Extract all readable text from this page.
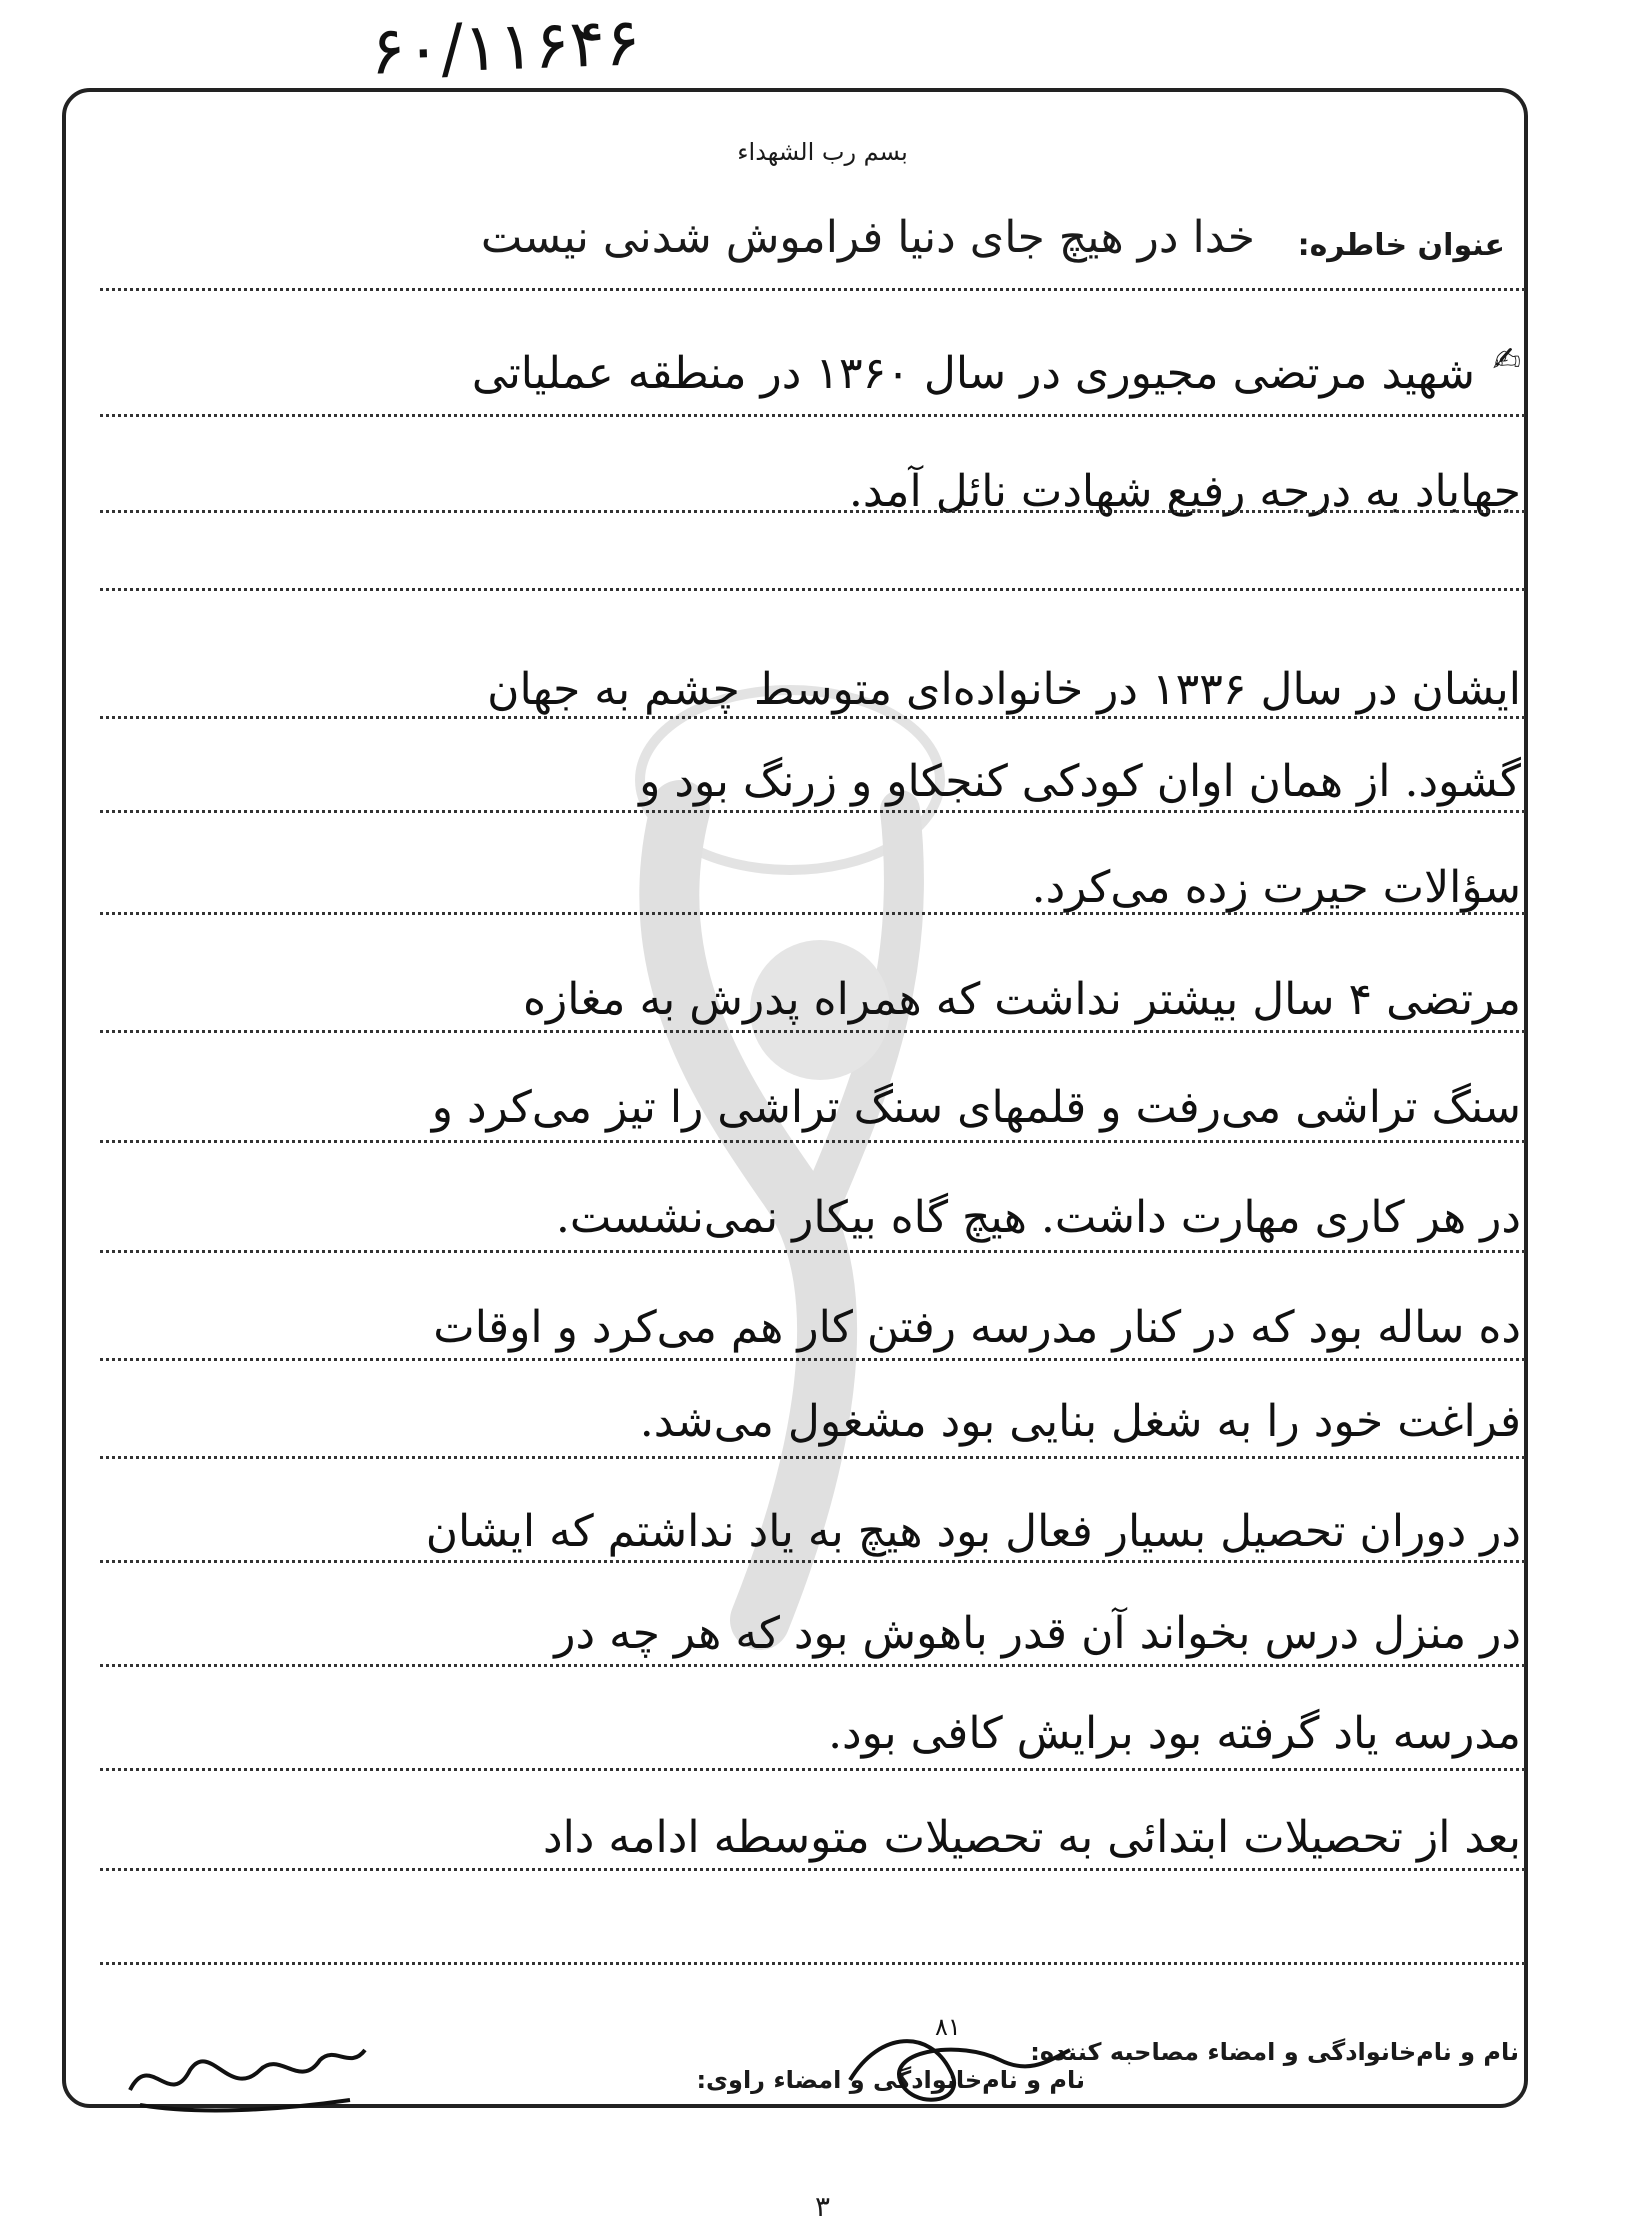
۶۰/۱۱۶۴۶
بسم رب الشهداء
عنوان خاطره:
خدا در هیچ جای دنیا فراموش شدنی نیست
✍
شهید مرتضی مجیوری در سال ۱۳۶۰ در منطقه عملیاتی
جهاباد به درجه رفیع شهادت نائل آمد.
ایشان در سال ۱۳۳۶ در خانواده‌ای متوسط چشم به جهان
گشود. از همان اوان کودکی کنجکاو و زرنگ بود و
سؤالات حیرت زده می‌کرد.
مرتضی ۴ سال بیشتر نداشت که همراه پدرش به مغازه
سنگ تراشی می‌رفت و قلمهای سنگ تراشی را تیز می‌کرد و
در هر کاری مهارت داشت. هیچ گاه بیکار نمی‌نشست.
ده ساله بود که در کنار مدرسه رفتن کار هم می‌کرد و اوقات
فراغت خود را به شغل بنایی بود مشغول می‌شد.
در دوران تحصیل بسیار فعال بود هیچ به یاد نداشتم که ایشان
در منزل درس بخواند آن قدر باهوش بود که هر چه در
مدرسه یاد گرفته بود برایش کافی بود.
بعد از تحصیلات ابتدائی به تحصیلات متوسطه ادامه داد
نام و نام‌خانوادگی و امضاء مصاحبه کننده:
نام و نام‌خانوادگی و امضاء راوی:
۸۱
۳
